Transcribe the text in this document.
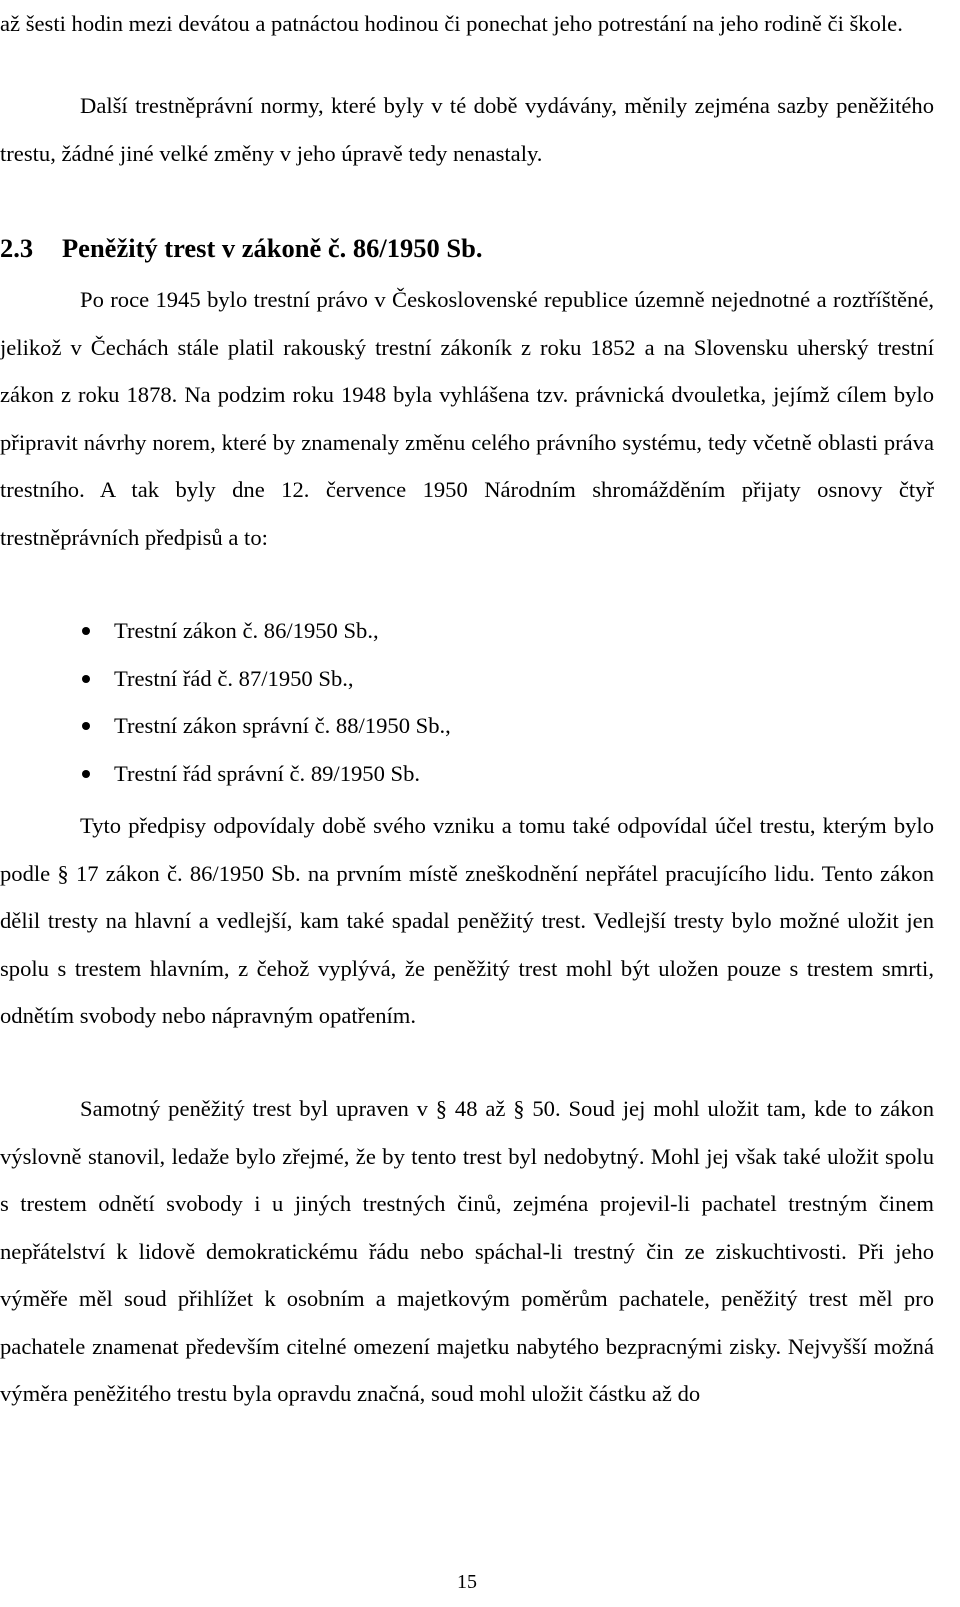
až šesti hodin mezi devátou a patnáctou hodinou či ponechat jeho potrestání na jeho rodině či škole.

Další trestněprávní normy, které byly v té době vydávány, měnily zejména sazby peněžitého trestu, žádné jiné velké změny v jeho úpravě tedy nenastaly.

2.3 Peněžitý trest v zákoně č. 86/1950 Sb.

Po roce 1945 bylo trestní právo v Československé republice územně nejednotné a roztříštěné, jelikož v Čechách stále platil rakouský trestní zákoník z roku 1852 a na Slovensku uherský trestní zákon z roku 1878. Na podzim roku 1948 byla vyhlášena tzv. právnická dvouletka, jejímž cílem bylo připravit návrhy norem, které by znamenaly změnu celého právního systému, tedy včetně oblasti práva trestního. A tak byly dne 12. července 1950 Národním shromážděním přijaty osnovy čtyř trestněprávních předpisů a to:

Trestní zákon č. 86/1950 Sb.,
Trestní řád č. 87/1950 Sb.,
Trestní zákon správní č. 88/1950 Sb.,
Trestní řád správní č. 89/1950 Sb.

Tyto předpisy odpovídaly době svého vzniku a tomu také odpovídal účel trestu, kterým bylo podle § 17 zákon č. 86/1950 Sb. na prvním místě zneškodnění nepřátel pracujícího lidu. Tento zákon dělil tresty na hlavní a vedlejší, kam také spadal peněžitý trest. Vedlejší tresty bylo možné uložit jen spolu s trestem hlavním, z čehož vyplývá, že peněžitý trest mohl být uložen pouze s trestem smrti, odnětím svobody nebo nápravným opatřením.

Samotný peněžitý trest byl upraven v § 48 až § 50. Soud jej mohl uložit tam, kde to zákon výslovně stanovil, ledaže bylo zřejmé, že by tento trest byl nedobytný. Mohl jej však také uložit spolu s trestem odnětí svobody i u jiných trestných činů, zejména projevil-li pachatel trestným činem nepřátelství k lidově demokratickému řádu nebo spáchal-li trestný čin ze ziskuchtivosti. Při jeho výměře měl soud přihlížet k osobním a majetkovým poměrům pachatele, peněžitý trest měl pro pachatele znamenat především citelné omezení majetku nabytého bezpracnými zisky. Nejvyšší možná výměra peněžitého trestu byla opravdu značná, soud mohl uložit částku až do

15
